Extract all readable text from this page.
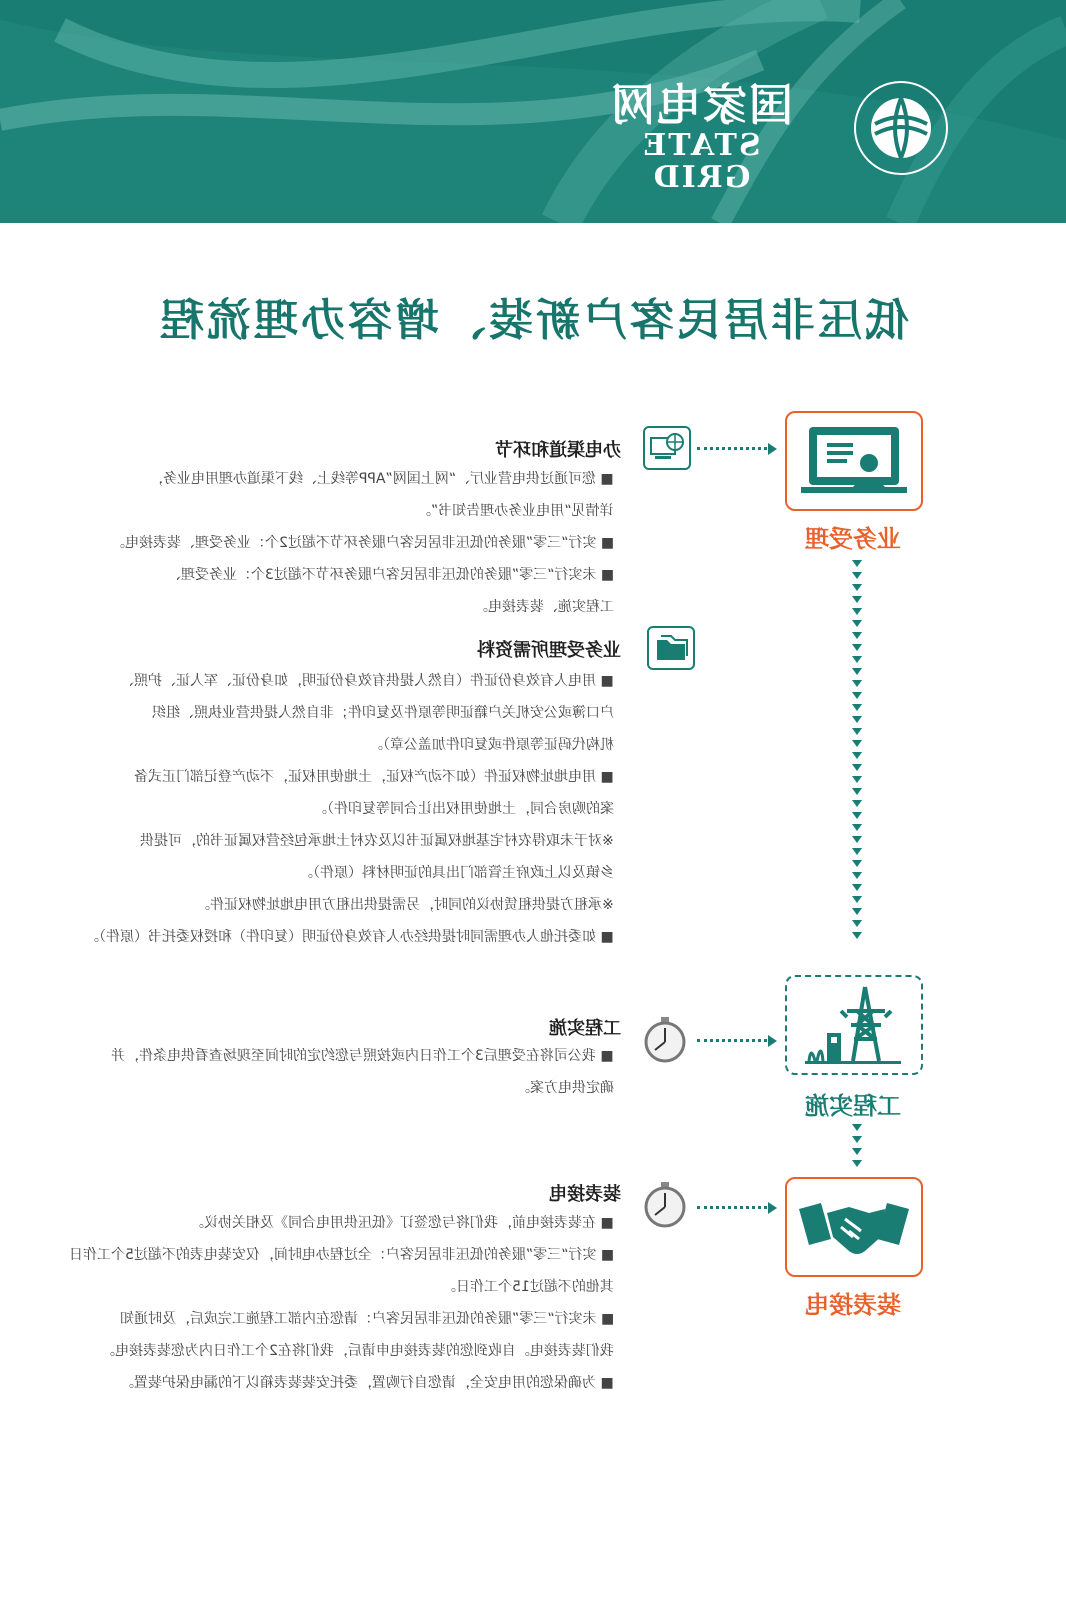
国家电网
STATE GRID
低压非居民客户新装、增容办理流程
业务受理
工程实施
装表接电
办电渠道和环节
■ 您可通过供电营业厅、“网上国网”APP等线上、线下渠道办理用电业务，
详情见“用电业务办理告知书”。
■ 实行“三零”服务的低压非居民客户服务环节不超过2个：业务受理、装表接电。
■ 未实行“三零”服务的低压非居民客户服务环节不超过3个：业务受理、
工程实施、装表接电。
业务受理所需资料
■ 用电人有效身份证件（自然人提供有效身份证明，如身份证、军人证、护照、
户口簿或公安机关户籍证明等原件及复印件；非自然人提供营业执照、组织
机构代码证等原件或复印件加盖公章）。
■ 用电地址物权证件（如不动产权证，土地使用权证，不动产登记部门正式备
案的购房合同，土地使用权出让合同等复印件）。
※对于未取得农村宅基地权属证书以及农村土地承包经营权属证书的，可提供
乡镇及以上政府主管部门出具的证明材料（原件）。
※承租方提供租赁协议的同时，另需提供出租方用电地址物权证件。
■ 如委托他人办理需同时提供经办人有效身份证明（复印件）和授权委托书（原件）。
工程实施
■ 我公司将在受理后3个工作日内或按照与您约定的时间至现场查看供电条件，并
确定供电方案。
装表接电
■ 在装表接电前，我们将与您签订《低压供用电合同》及相关协议。
■ 实行“三零”服务的低压非居民客户：全过程办电时间，仅安装电表的不超过5个工作日
其他的不超过15个工作日。
■ 未实行“三零”服务的低压非居民客户：请您在内部工程施工完成后，及时通知
我们装表接电。自收到您的装表接电申请后，我们将在2个工作日内为您装表接电。
■ 为确保您的用电安全，请您自行购置，委托安装装表箱以下的漏电保护装置。
